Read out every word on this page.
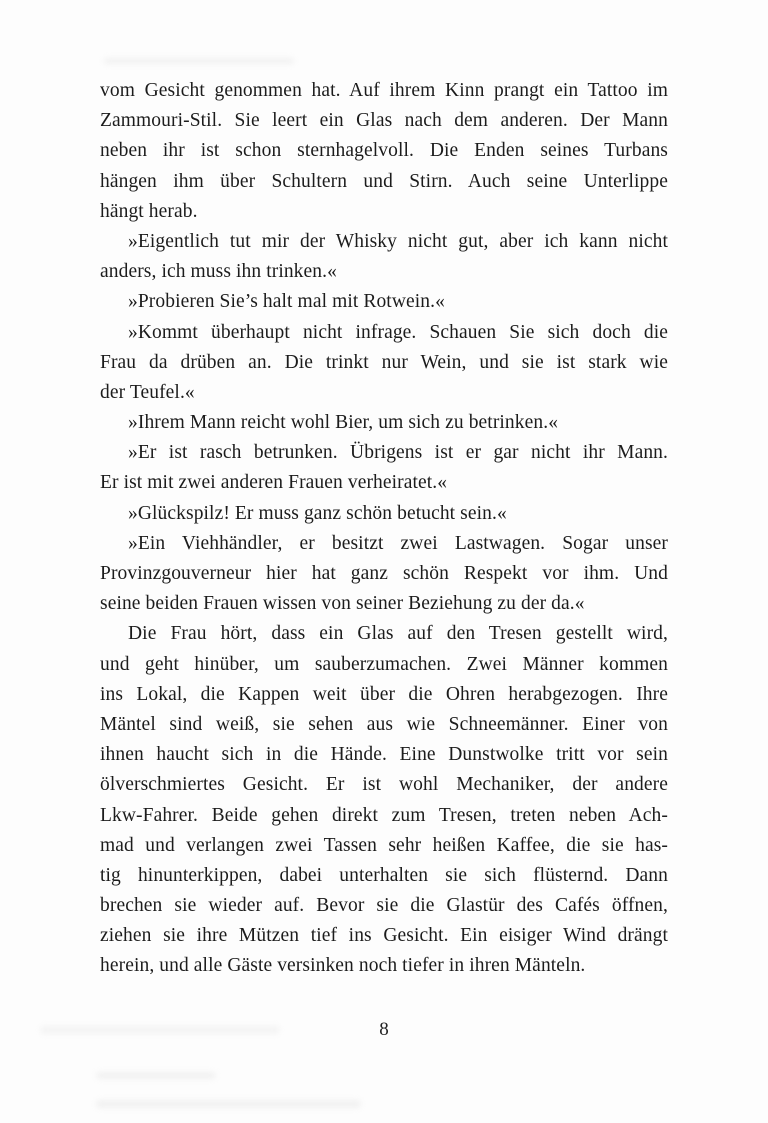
vom Gesicht genommen hat. Auf ihrem Kinn prangt ein Tattoo im
Zammouri-Stil. Sie leert ein Glas nach dem anderen. Der Mann
neben ihr ist schon sternhagelvoll. Die Enden seines Turbans
hängen ihm über Schultern und Stirn. Auch seine Unterlippe
hängt herab.
»Eigentlich tut mir der Whisky nicht gut, aber ich kann nicht
anders, ich muss ihn trinken.«
»Probieren Sie’s halt mal mit Rotwein.«
»Kommt überhaupt nicht infrage. Schauen Sie sich doch die
Frau da drüben an. Die trinkt nur Wein, und sie ist stark wie
der Teufel.«
»Ihrem Mann reicht wohl Bier, um sich zu betrinken.«
»Er ist rasch betrunken. Übrigens ist er gar nicht ihr Mann.
Er ist mit zwei anderen Frauen verheiratet.«
»Glückspilz! Er muss ganz schön betucht sein.«
»Ein Viehhändler, er besitzt zwei Lastwagen. Sogar unser
Provinzgouverneur hier hat ganz schön Respekt vor ihm. Und
seine beiden Frauen wissen von seiner Beziehung zu der da.«
Die Frau hört, dass ein Glas auf den Tresen gestellt wird,
und geht hinüber, um sauberzumachen. Zwei Männer kommen
ins Lokal, die Kappen weit über die Ohren herabgezogen. Ihre
Mäntel sind weiß, sie sehen aus wie Schneemänner. Einer von
ihnen haucht sich in die Hände. Eine Dunstwolke tritt vor sein
ölverschmiertes Gesicht. Er ist wohl Mechaniker, der andere
Lkw-Fahrer. Beide gehen direkt zum Tresen, treten neben Ach-
mad und verlangen zwei Tassen sehr heißen Kaffee, die sie has-
tig hinunterkippen, dabei unterhalten sie sich flüsternd. Dann
brechen sie wieder auf. Bevor sie die Glastür des Cafés öffnen,
ziehen sie ihre Mützen tief ins Gesicht. Ein eisiger Wind drängt
herein, und alle Gäste versinken noch tiefer in ihren Mänteln.
8
